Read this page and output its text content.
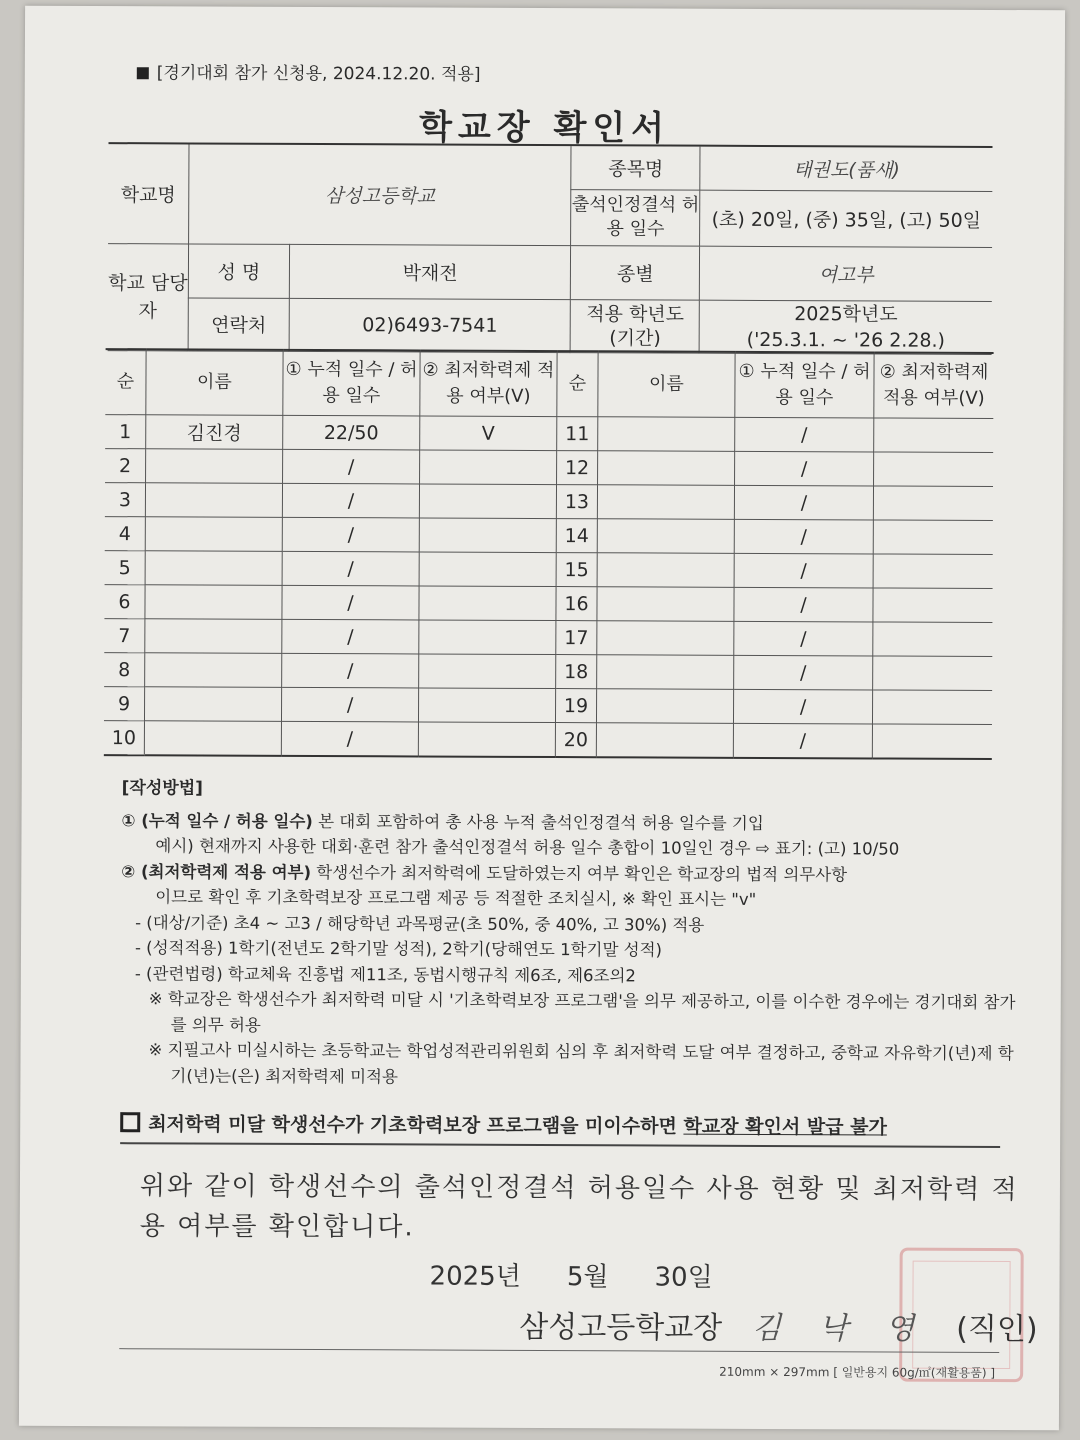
[경기대회 참가 신청용, 2024.12.20. 적용]
학교장 확인서
학교명	삼성고등학교		종목명	태권도(품새)
			출석인정결석 허용 일수	(초) 20일, (중) 35일, (고) 50일
학교 담당자	성 명	박재전	종별	여고부
	연락처	02)6493-7541	적용 학년도 (기간)	2025학년도
('25.3.1. ~ '26 2.28.)
순	이름	① 누적 일수 / 허용 일수	② 최저학력제 적용 여부(V)	순	이름	① 누적 일수 / 허용 일수	② 최저학력제 적용 여부(V)
1	김진경	22/50	V	11		/	
2		/		12		/	
3		/		13		/	
4		/		14		/	
5		/		15		/	
6		/		16		/	
7		/		17		/	
8		/		18		/	
9		/		19		/	
10		/		20		/	
[작성방법]
① (누적 일수 / 허용 일수) 본 대회 포함하여 총 사용 누적 출석인정결석 허용 일수를 기입
예시) 현재까지 사용한 대회·훈련 참가 출석인정결석 허용 일수 총합이 10일인 경우 ⇨ 표기: (고) 10/50
② (최저학력제 적용 여부) 학생선수가 최저학력에 도달하였는지 여부 확인은 학교장의 법적 의무사항
이므로 확인 후 기초학력보장 프로그램 제공 등 적절한 조치실시, ※ 확인 표시는 "v"
- (대상/기준) 초4 ~ 고3 / 해당학년 과목평균(초 50%, 중 40%, 고 30%) 적용
- (성적적용) 1학기(전년도 2학기말 성적), 2학기(당해연도 1학기말 성적)
- (관련법령) 학교체육 진흥법 제11조, 동법시행규칙 제6조, 제6조의2
※ 학교장은 학생선수가 최저학력 미달 시 '기초학력보장 프로그램'을 의무 제공하고, 이를 이수한 경우에는 경기대회 참가를 의무 허용
※ 지필고사 미실시하는 초등학교는 학업성적관리위원회 심의 후 최저학력 도달 여부 결정하고, 중학교 자유학기(년)제 학기(년)는(은) 최저학력제 미적용
최저학력 미달 학생선수가 기초학력보장 프로그램을 미이수하면 학교장 확인서 발급 불가
위와 같이 학생선수의 출석인정결석 허용일수 사용 현황 및 최저학력 적용 여부를 확인합니다.
2025년 5월 30일
삼성고등학교장 김 낙 영 (직인)
210mm × 297mm [ 일반용지 60g/㎡(재활용품) ]
